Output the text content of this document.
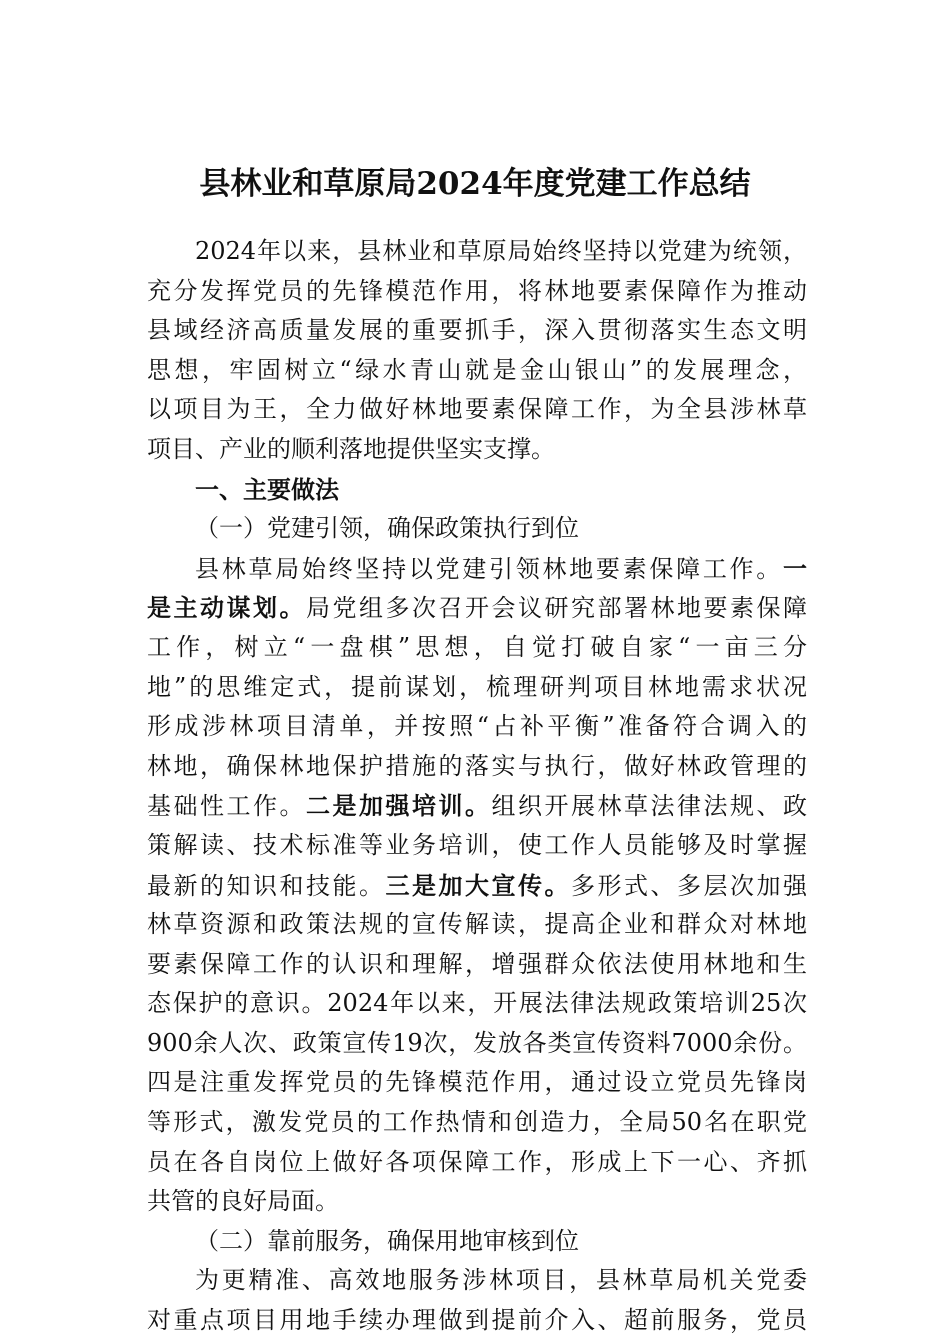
县林业和草原局2024年度党建工作总结
2024年以来，县林业和草原局始终坚持以党建为统领，
充分发挥党员的先锋模范作用，将林地要素保障作为推动
县域经济高质量发展的重要抓手，深入贯彻落实生态文明
思想，牢固树立“绿水青山就是金山银山”的发展理念，
以项目为王，全力做好林地要素保障工作，为全县涉林草
项目、产业的顺利落地提供坚实支撑。
一、主要做法
（一）党建引领，确保政策执行到位
县林草局始终坚持以党建引领林地要素保障工作。一
是主动谋划。局党组多次召开会议研究部署林地要素保障
工作，树立“一盘棋”思想，自觉打破自家“一亩三分
地”的思维定式，提前谋划，梳理研判项目林地需求状况
形成涉林项目清单，并按照“占补平衡”准备符合调入的
林地，确保林地保护措施的落实与执行，做好林政管理的
基础性工作。二是加强培训。组织开展林草法律法规、政
策解读、技术标准等业务培训，使工作人员能够及时掌握
最新的知识和技能。三是加大宣传。多形式、多层次加强
林草资源和政策法规的宣传解读，提高企业和群众对林地
要素保障工作的认识和理解，增强群众依法使用林地和生
态保护的意识。2024年以来，开展法律法规政策培训25次
900余人次、政策宣传19次，发放各类宣传资料7000余份。
四是注重发挥党员的先锋模范作用，通过设立党员先锋岗
等形式，激发党员的工作热情和创造力，全局50名在职党
员在各自岗位上做好各项保障工作，形成上下一心、齐抓
共管的良好局面。
（二）靠前服务，确保用地审核到位
为更精准、高效地服务涉林项目，县林草局机关党委
对重点项目用地手续办理做到提前介入、超前服务，党员
